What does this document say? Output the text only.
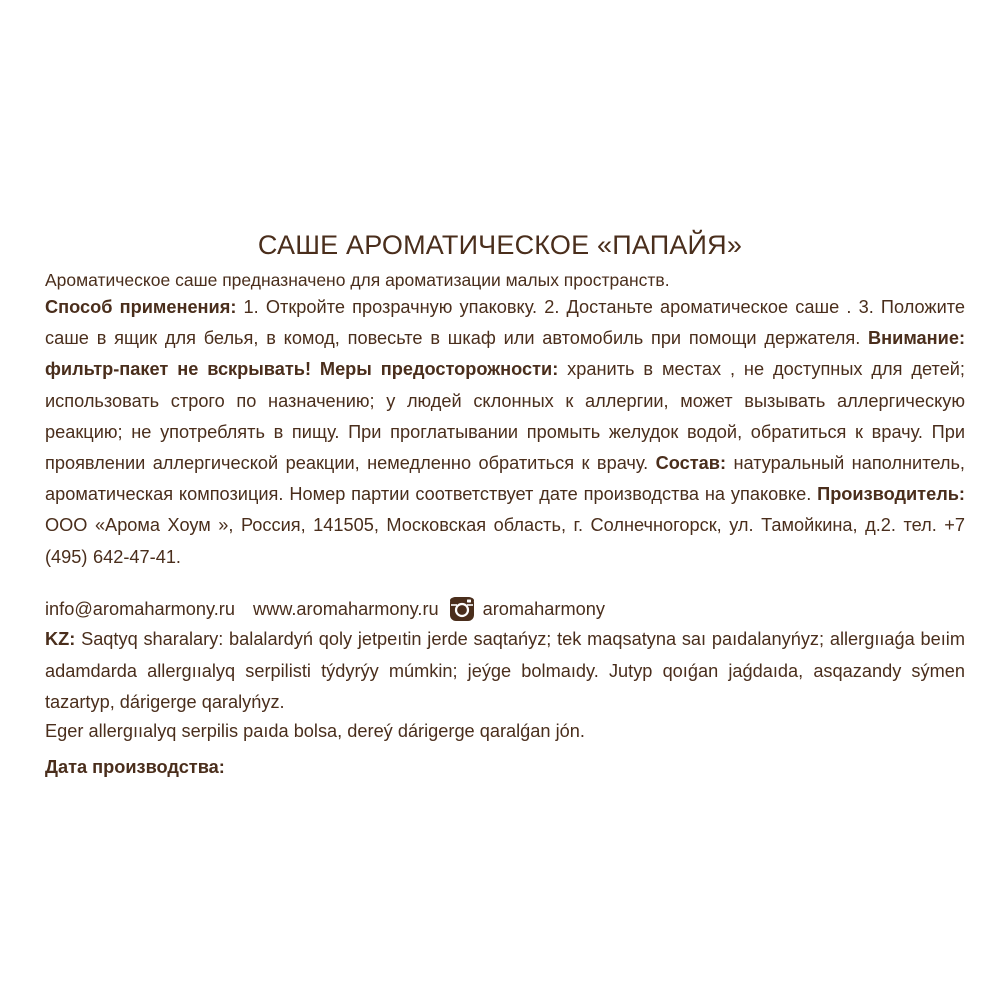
САШЕ АРОМАТИЧЕСКОЕ «ПАПАЙЯ»

Ароматическое саше предназначено для ароматизации малых пространств.

Способ применения: 1. Откройте прозрачную упаковку. 2. Достаньте ароматическое саше . 3. Положите саше в ящик для белья, в комод, повесьте в шкаф или автомобиль при помощи держателя. Внимание: фильтр-пакет не вскрывать! Меры предосторожности: хранить в местах , не доступных для детей; использовать строго по назначению; у людей склонных к аллергии, может вызывать аллергическую реакцию; не употреблять в пищу. При проглатывании промыть желудок водой, обратиться к врачу. При проявлении аллергической реакции, немедленно обратиться к врачу. Состав: натуральный наполнитель, ароматическая композиция. Номер партии соответствует дате производства на упаковке. Производитель: ООО «Арома Хоум », Россия, 141505, Московская область, г. Солнечногорск, ул. Тамойкина, д.2. тел. +7 (495) 642-47-41.

info@aromaharmony.ru www.aromaharmony.ru aromaharmony

KZ: Saqtyq sharalary: balalardyń qoly jetpeıtin jerde saqtańyz; tek maqsatyna saı paıdalanyńyz; allergııaǵa beıim adamdarda allergııalyq serpilisti týdyrýy múmkin; jeýge bolmaıdy. Jutyp qoıǵan jaǵdaıda, asqazandy sýmen tazartyp, dárigerge qaralyńyz.

Eger allergııalyq serpilis paıda bolsa, dereý dárigerge qaralǵan jón.

Дата производства:
